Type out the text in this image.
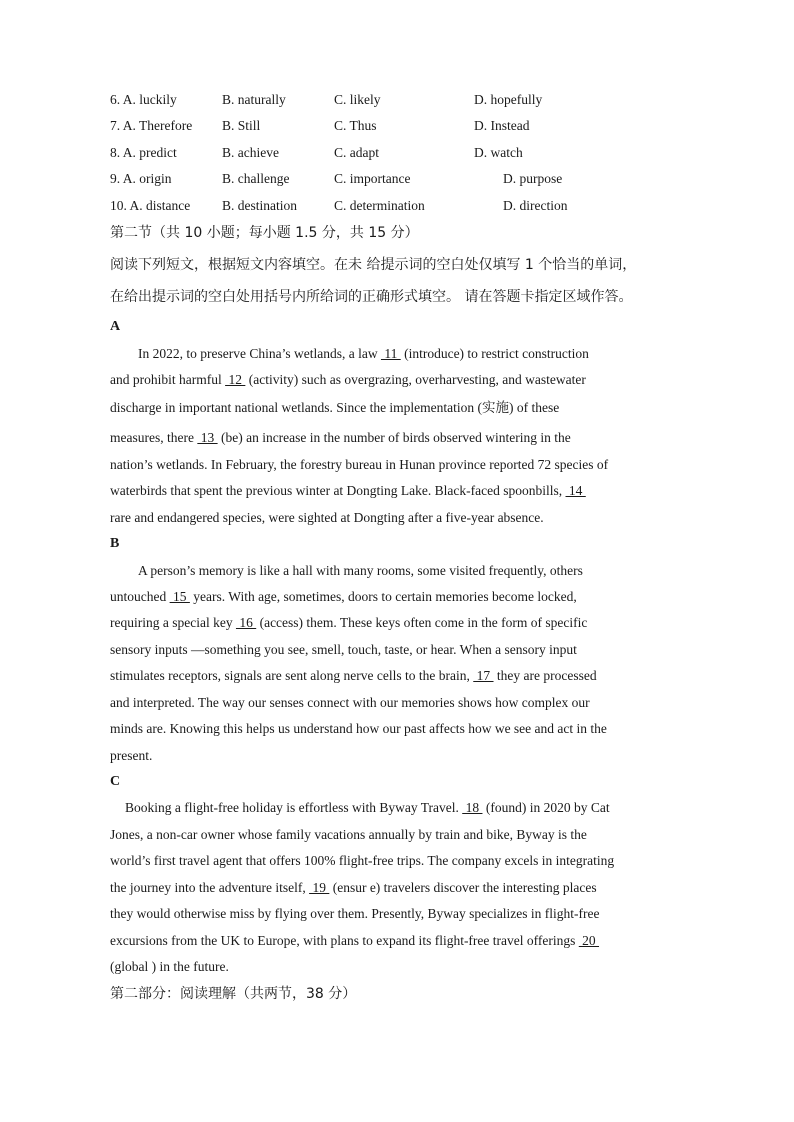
6. A. luckily	B. naturally	C. likely	D. hopefully
7. A. Therefore B. Still	C. Thus	D. Instead
8. A. predict	B. achieve	C. adapt	D. watch
9. A. origin	B. challenge	C. importance	D. purpose
10. A. distance B. destination	C. determination	D. direction
第二节（共 10 小题；每小题 1.5 分，共 15 分）
阅读下列短文，根据短文内容填空。在未 给提示词的空白处仅填写 1 个恰当的单词，
在给出提示词的空白处用括号内所给词的正确形式填空。 请在答题卡指定区域作答。
A
In 2022, to preserve China’s wetlands, a law  11  (introduce) to restrict construction
and prohibit harmful  12  (activity) such as overgrazing, overharvesting, and wastewater
discharge in important national wetlands. Since the implementation (实施) of these
measures, there  13  (be) an increase in the number of birds observed wintering in the
nation’s wetlands. In February, the forestry bureau in Hunan province reported 72 species of
waterbirds that spent the previous winter at Dongting Lake. Black-faced spoonbills,  14
rare and endangered species, were sighted at Dongting after a five-year absence.
B
A person’s memory is like a hall with many rooms, some visited frequently, others
untouched  15  years. With age, sometimes, doors to certain memories become locked,
requiring a special key  16  (access) them. These keys often come in the form of specific
sensory inputs —something you see, smell, touch, taste, or hear. When a sensory input
stimulates receptors, signals are sent along nerve cells to the brain,  17  they are processed
and interpreted. The way our senses connect with our memories shows how complex our
minds are. Knowing this helps us understand how our past affects how we see and act in the
present.
C
Booking a flight-free holiday is effortless with Byway Travel.  18  (found) in 2020 by Cat
Jones, a non-car owner whose family vacations annually by train and bike, Byway is the
world’s first travel agent that offers 100% flight-free trips. The company excels in integrating
the journey into the adventure itself,  19  (ensur e) travelers discover the interesting places
they would otherwise miss by flying over them. Presently, Byway specializes in flight-free
excursions from the UK to Europe, with plans to expand its flight-free travel offerings  20
(global ) in the future.
第二部分：阅读理解（共两节，38 分）
